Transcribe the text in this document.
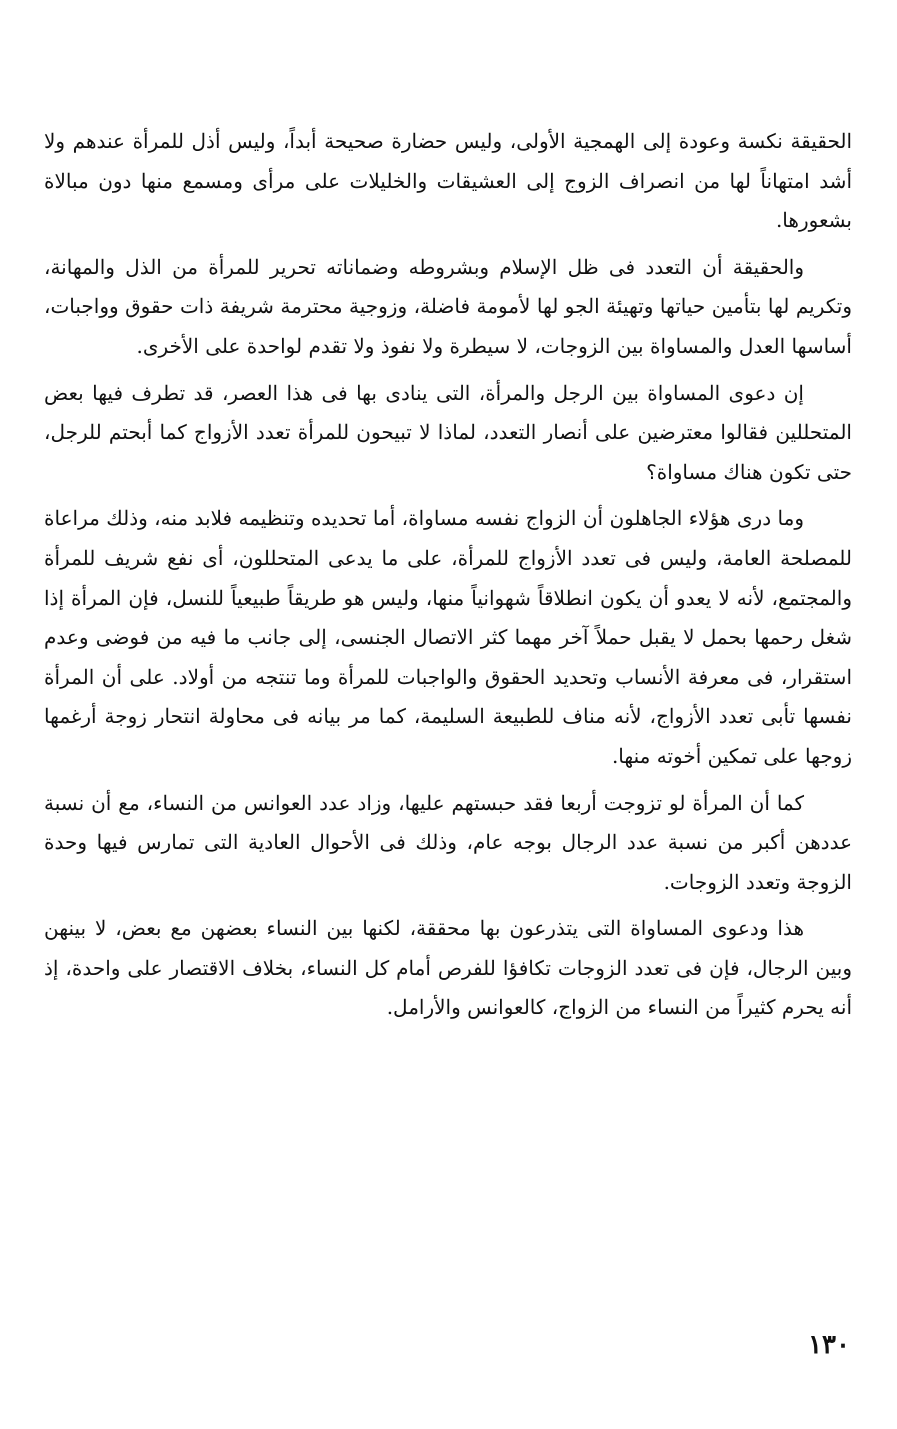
الحقيقة نكسة وعودة إلى الهمجية الأولى، وليس حضارة صحيحة أبداً، وليس أذل للمرأة عندهم ولا أشد امتهاناً لها من انصراف الزوج إلى العشيقات والخليلات على مرأى ومسمع منها دون مبالاة بشعورها.

والحقيقة أن التعدد فى ظل الإسلام وبشروطه وضماناته تحرير للمرأة من الذل والمهانة، وتكريم لها بتأمين حياتها وتهيئة الجو لها لأمومة فاضلة، وزوجية محترمة شريفة ذات حقوق وواجبات، أساسها العدل والمساواة بين الزوجات، لا سيطرة ولا نفوذ ولا تقدم لواحدة على الأخرى.

إن دعوى المساواة بين الرجل والمرأة، التى ينادى بها فى هذا العصر، قد تطرف فيها بعض المتحللين فقالوا معترضين على أنصار التعدد، لماذا لا تبيحون للمرأة تعدد الأزواج كما أبحتم للرجل، حتى تكون هناك مساواة؟

وما درى هؤلاء الجاهلون أن الزواج نفسه مساواة، أما تحديده وتنظيمه فلابد منه، وذلك مراعاة للمصلحة العامة، وليس فى تعدد الأزواج للمرأة، على ما يدعى المتحللون، أى نفع شريف للمرأة والمجتمع، لأنه لا يعدو أن يكون انطلاقاً شهوانياً منها، وليس هو طريقاً طبيعياً للنسل، فإن المرأة إذا شغل رحمها بحمل لا يقبل حملاً آخر مهما كثر الاتصال الجنسى، إلى جانب ما فيه من فوضى وعدم استقرار، فى معرفة الأنساب وتحديد الحقوق والواجبات للمرأة وما تنتجه من أولاد. على أن المرأة نفسها تأبى تعدد الأزواج، لأنه مناف للطبيعة السليمة، كما مر بيانه فى محاولة انتحار زوجة أرغمها زوجها على تمكين أخوته منها.

كما أن المرأة لو تزوجت أربعا فقد حبستهم عليها، وزاد عدد العوانس من النساء، مع أن نسبة عددهن أكبر من نسبة عدد الرجال بوجه عام، وذلك فى الأحوال العادية التى تمارس فيها وحدة الزوجة وتعدد الزوجات.

هذا ودعوى المساواة التى يتذرعون بها محققة، لكنها بين النساء بعضهن مع بعض، لا بينهن وبين الرجال، فإن فى تعدد الزوجات تكافؤا للفرص أمام كل النساء، بخلاف الاقتصار على واحدة، إذ أنه يحرم كثيراً من النساء من الزواج، كالعوانس والأرامل.

١٣٠
